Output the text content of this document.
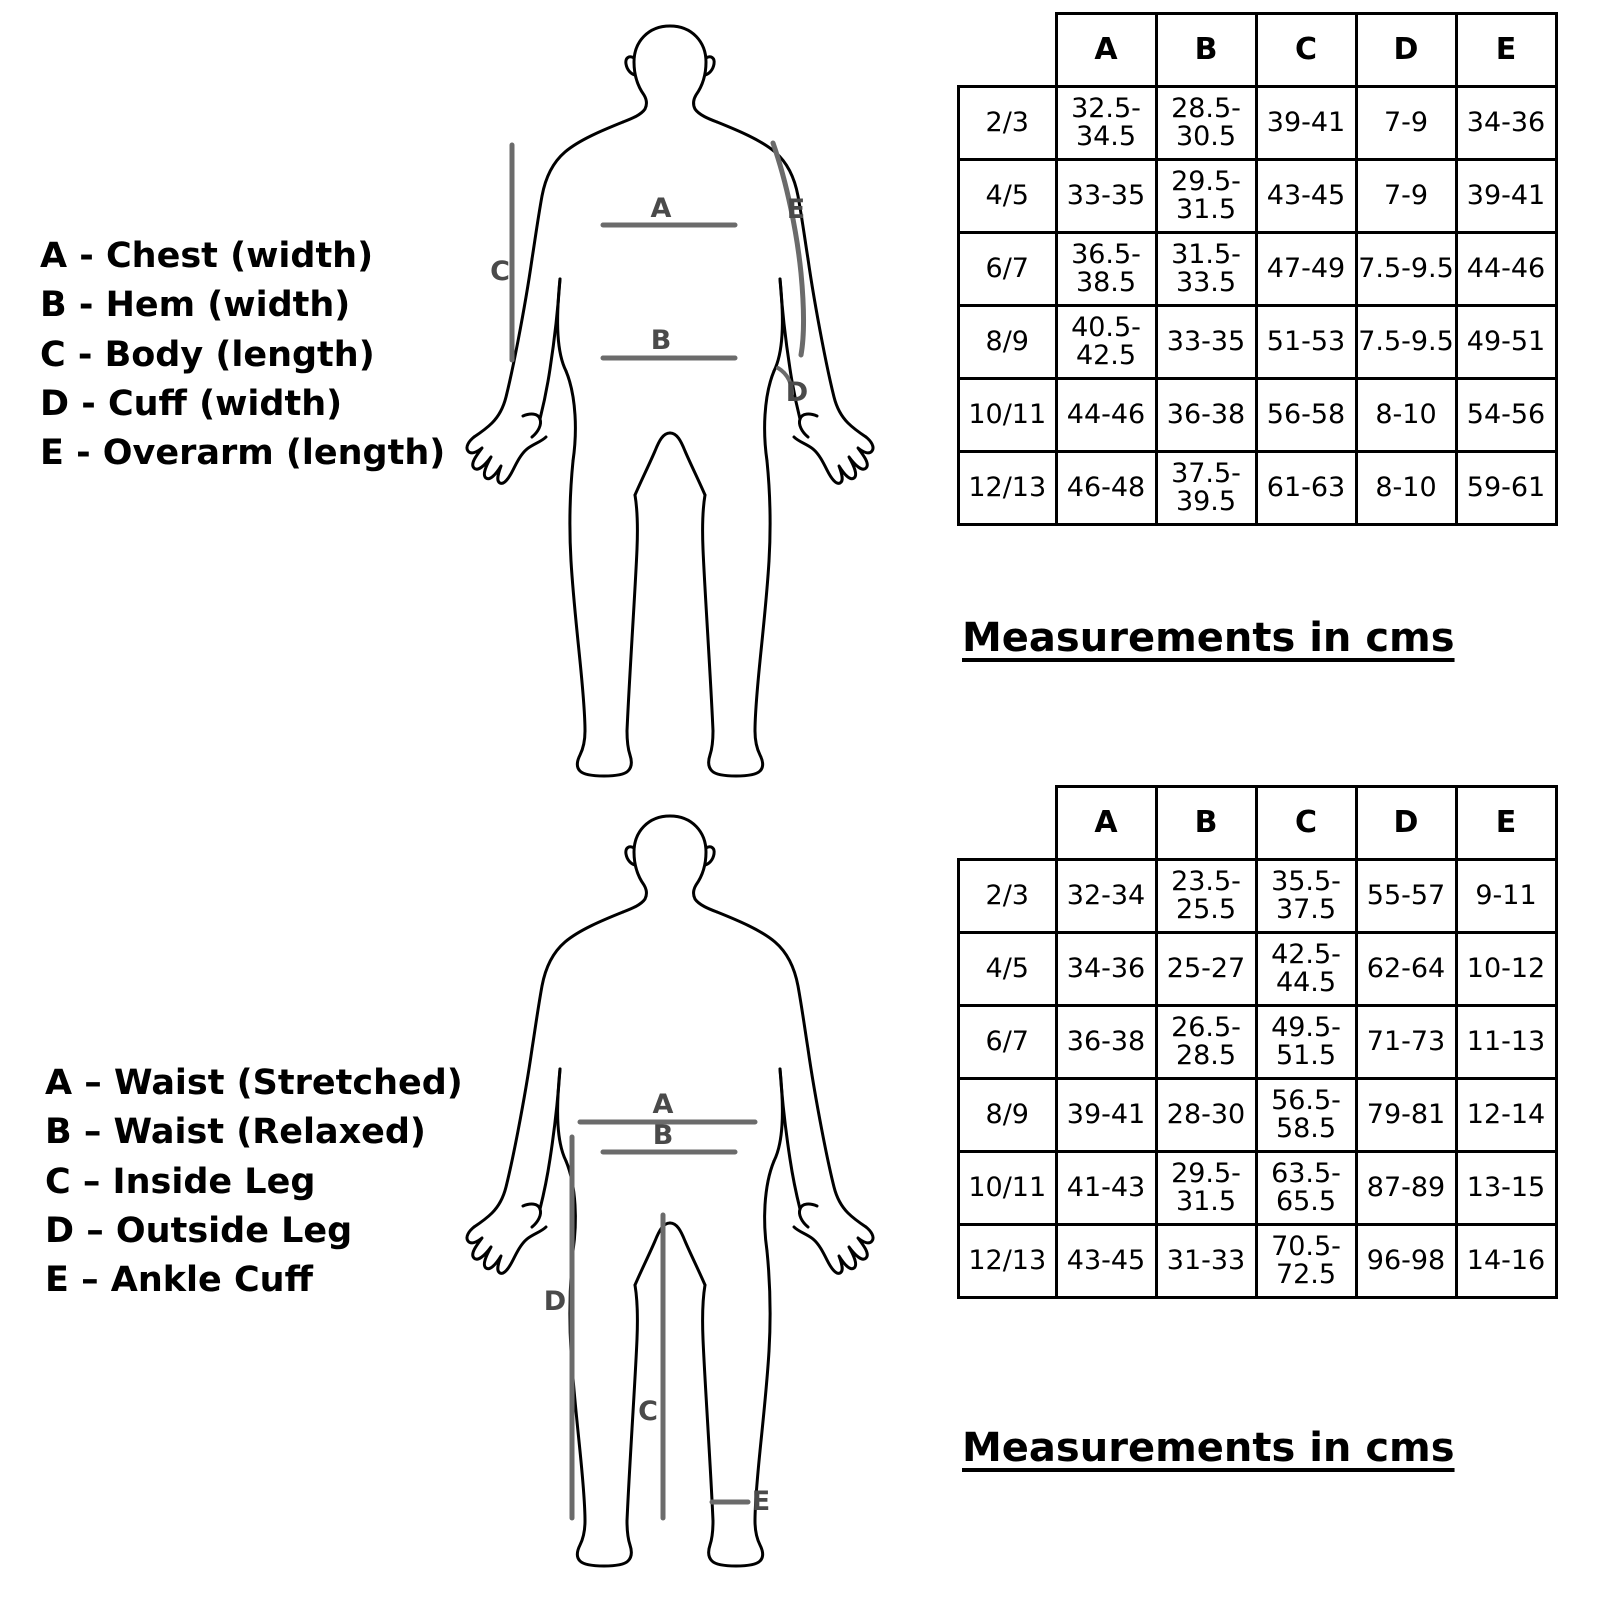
A - Chest (width)
B - Hem (width)
C - Body (length)
D - Cuff (width)
E - Overarm (length)
A
B
C
D
E
	A	B	C	D	E
2/3	32.5-34.5	28.5-30.5	39-41	7-9	34-36
4/5	33-35	29.5-31.5	43-45	7-9	39-41
6/7	36.5-38.5	31.5-33.5	47-49	7.5-9.5	44-46
8/9	40.5-42.5	33-35	51-53	7.5-9.5	49-51
10/11	44-46	36-38	56-58	8-10	54-56
12/13	46-48	37.5-39.5	61-63	8-10	59-61
Measurements in cms
A – Waist (Stretched)
B – Waist (Relaxed)
C – Inside Leg
D – Outside Leg
E – Ankle Cuff
A
B
C
D
E
	A	B	C	D	E
2/3	32-34	23.5-25.5	35.5-37.5	55-57	9-11
4/5	34-36	25-27	42.5-44.5	62-64	10-12
6/7	36-38	26.5-28.5	49.5-51.5	71-73	11-13
8/9	39-41	28-30	56.5-58.5	79-81	12-14
10/11	41-43	29.5-31.5	63.5-65.5	87-89	13-15
12/13	43-45	31-33	70.5-72.5	96-98	14-16
Measurements in cms
